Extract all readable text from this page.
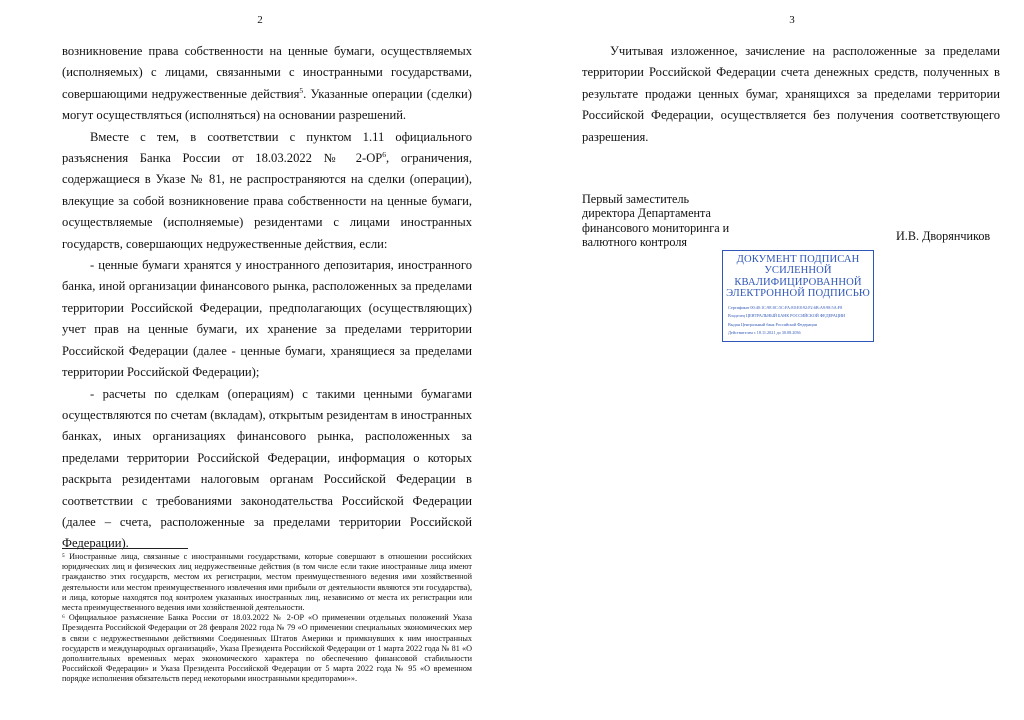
2

возникновение права собственности на ценные бумаги, осуществляемых (исполняемых) с лицами, связанными с иностранными государствами, совершающими недружественные действия$^5$. Указанные операции (сделки) могут осуществляться (исполняться) на основании разрешений.

Вместе с тем, в соответствии с пунктом 1.11 официального разъяснения Банка России от 18.03.2022 № $2-ОР^6$, ограничения, содержащиеся в Указе № 81, не распространяются на сделки (операции), влекущие за собой возникновение права собственности на ценные бумаги, осуществляемые (исполняемые) резидентами с лицами иностранных государств, совершающих недружественные действия, если:

- ценные бумаги хранятся у иностранного депозитария, иностранного банка, иной организации финансового рынка, расположенных за пределами территории Российской Федерации, предполагающих (осуществляющих) учет прав на ценные бумаги, их хранение за пределами территории Российской Федерации (далее - ценные бумаги, хранящиеся за пределами территории Российской Федерации);

- расчеты по сделкам (операциям) с такими ценными бумагами осуществляются по счетам (вкладам), открытым резидентам в иностранных банках, иных организациях финансового рынка, расположенных за пределами территории Российской Федерации, информация о которых раскрыта резидентами налоговым органам Российской Федерации в соответствии с требованиями законодательства Российской Федерации (далее – счета, расположенные за пределами территории Российской Федерации).

⁵ Иностранные лица, связанные с иностранными государствами, которые совершают в отношении российских юридических лиц и физических лиц недружественные действия (в том числе если такие иностранные лица имеют гражданство этих государств, местом их регистрации, местом преимущественного ведения ими хозяйственной деятельности или местом преимущественного извлечения ими прибыли от деятельности являются эти государства), и лица, которые находятся под контролем указанных иностранных лиц, независимо от места их регистрации или места преимущественного ведения ими хозяйственной деятельности.

⁶ Официальное разъяснение Банка России от 18.03.2022 № 2-ОР «О применении отдельных положений Указа Президента Российской Федерации от 28 февраля 2022 года № 79 «О применении специальных экономических мер в связи с недружественными действиями Соединенных Штатов Америки и примкнувших к ним иностранных государств и международных организаций», Указа Президента Российской Федерации от 1 марта 2022 года № 81 «О дополнительных временных мерах экономического характера по обеспечению финансовой стабильности Российской Федерации» и Указа Президента Российской Федерации от 5 марта 2022 года № 95 «О временном порядке исполнения обязательств перед некоторыми иностранными кредиторами»».

3

Учитывая изложенное, зачисление на расположенные за пределами территории Российской Федерации счета денежных средств, полученных в результате продажи ценных бумаг, хранящихся за пределами территории Российской Федерации, осуществляется без получения соответствующего разрешения.

Первый заместитель
директора Департамента
финансового мониторинга и
валютного контроля	И.В. Дворянчиков
ДОКУМЕНТ ПОДПИСАН
УСИЛЕННОЙ
КВАЛИФИЦИРОВАННОЙ
ЭЛЕКТРОННОЙ ПОДПИСЬЮ
Сертификат 00:40:1C:9E:0C:5C:FA:E0:E8:92:F2:6B:A9:98:5A:F8
Владелец ЦЕНТРАЛЬНЫЙ БАНК РОССИЙСКОЙ ФЕДЕРАЦИИ
Выдан Центральный банк Российской Федерации
Действителен с 18.11.2021 до 30.08.2036
